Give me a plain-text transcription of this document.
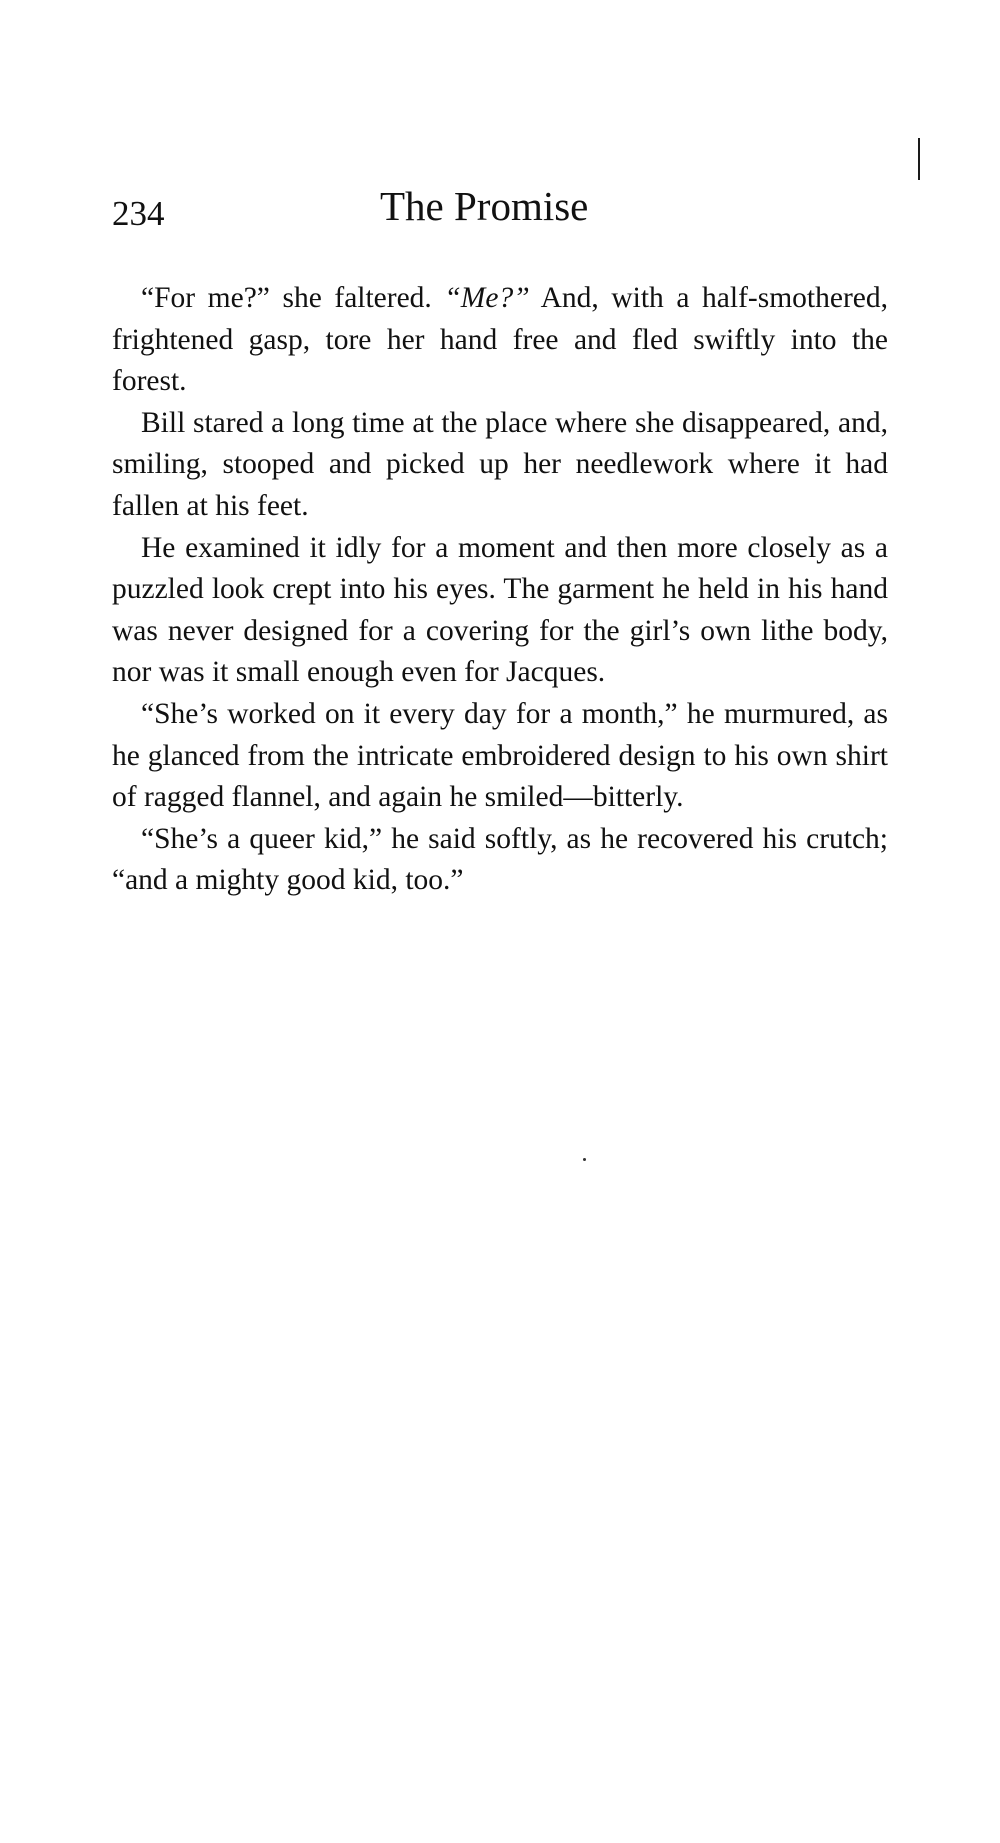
234	The Promise

“For me?” she faltered. “Me?” And, with a half-smothered, frightened gasp, tore her hand free and fled swiftly into the forest.

Bill stared a long time at the place where she disappeared, and, smiling, stooped and picked up her needlework where it had fallen at his feet.

He examined it idly for a moment and then more closely as a puzzled look crept into his eyes. The garment he held in his hand was never designed for a covering for the girl’s own lithe body, nor was it small enough even for Jacques.

“She’s worked on it every day for a month,” he murmured, as he glanced from the intricate embroidered design to his own shirt of ragged flannel, and again he smiled—bitterly.

“She’s a queer kid,” he said softly, as he recovered his crutch; “and a mighty good kid, too.”
